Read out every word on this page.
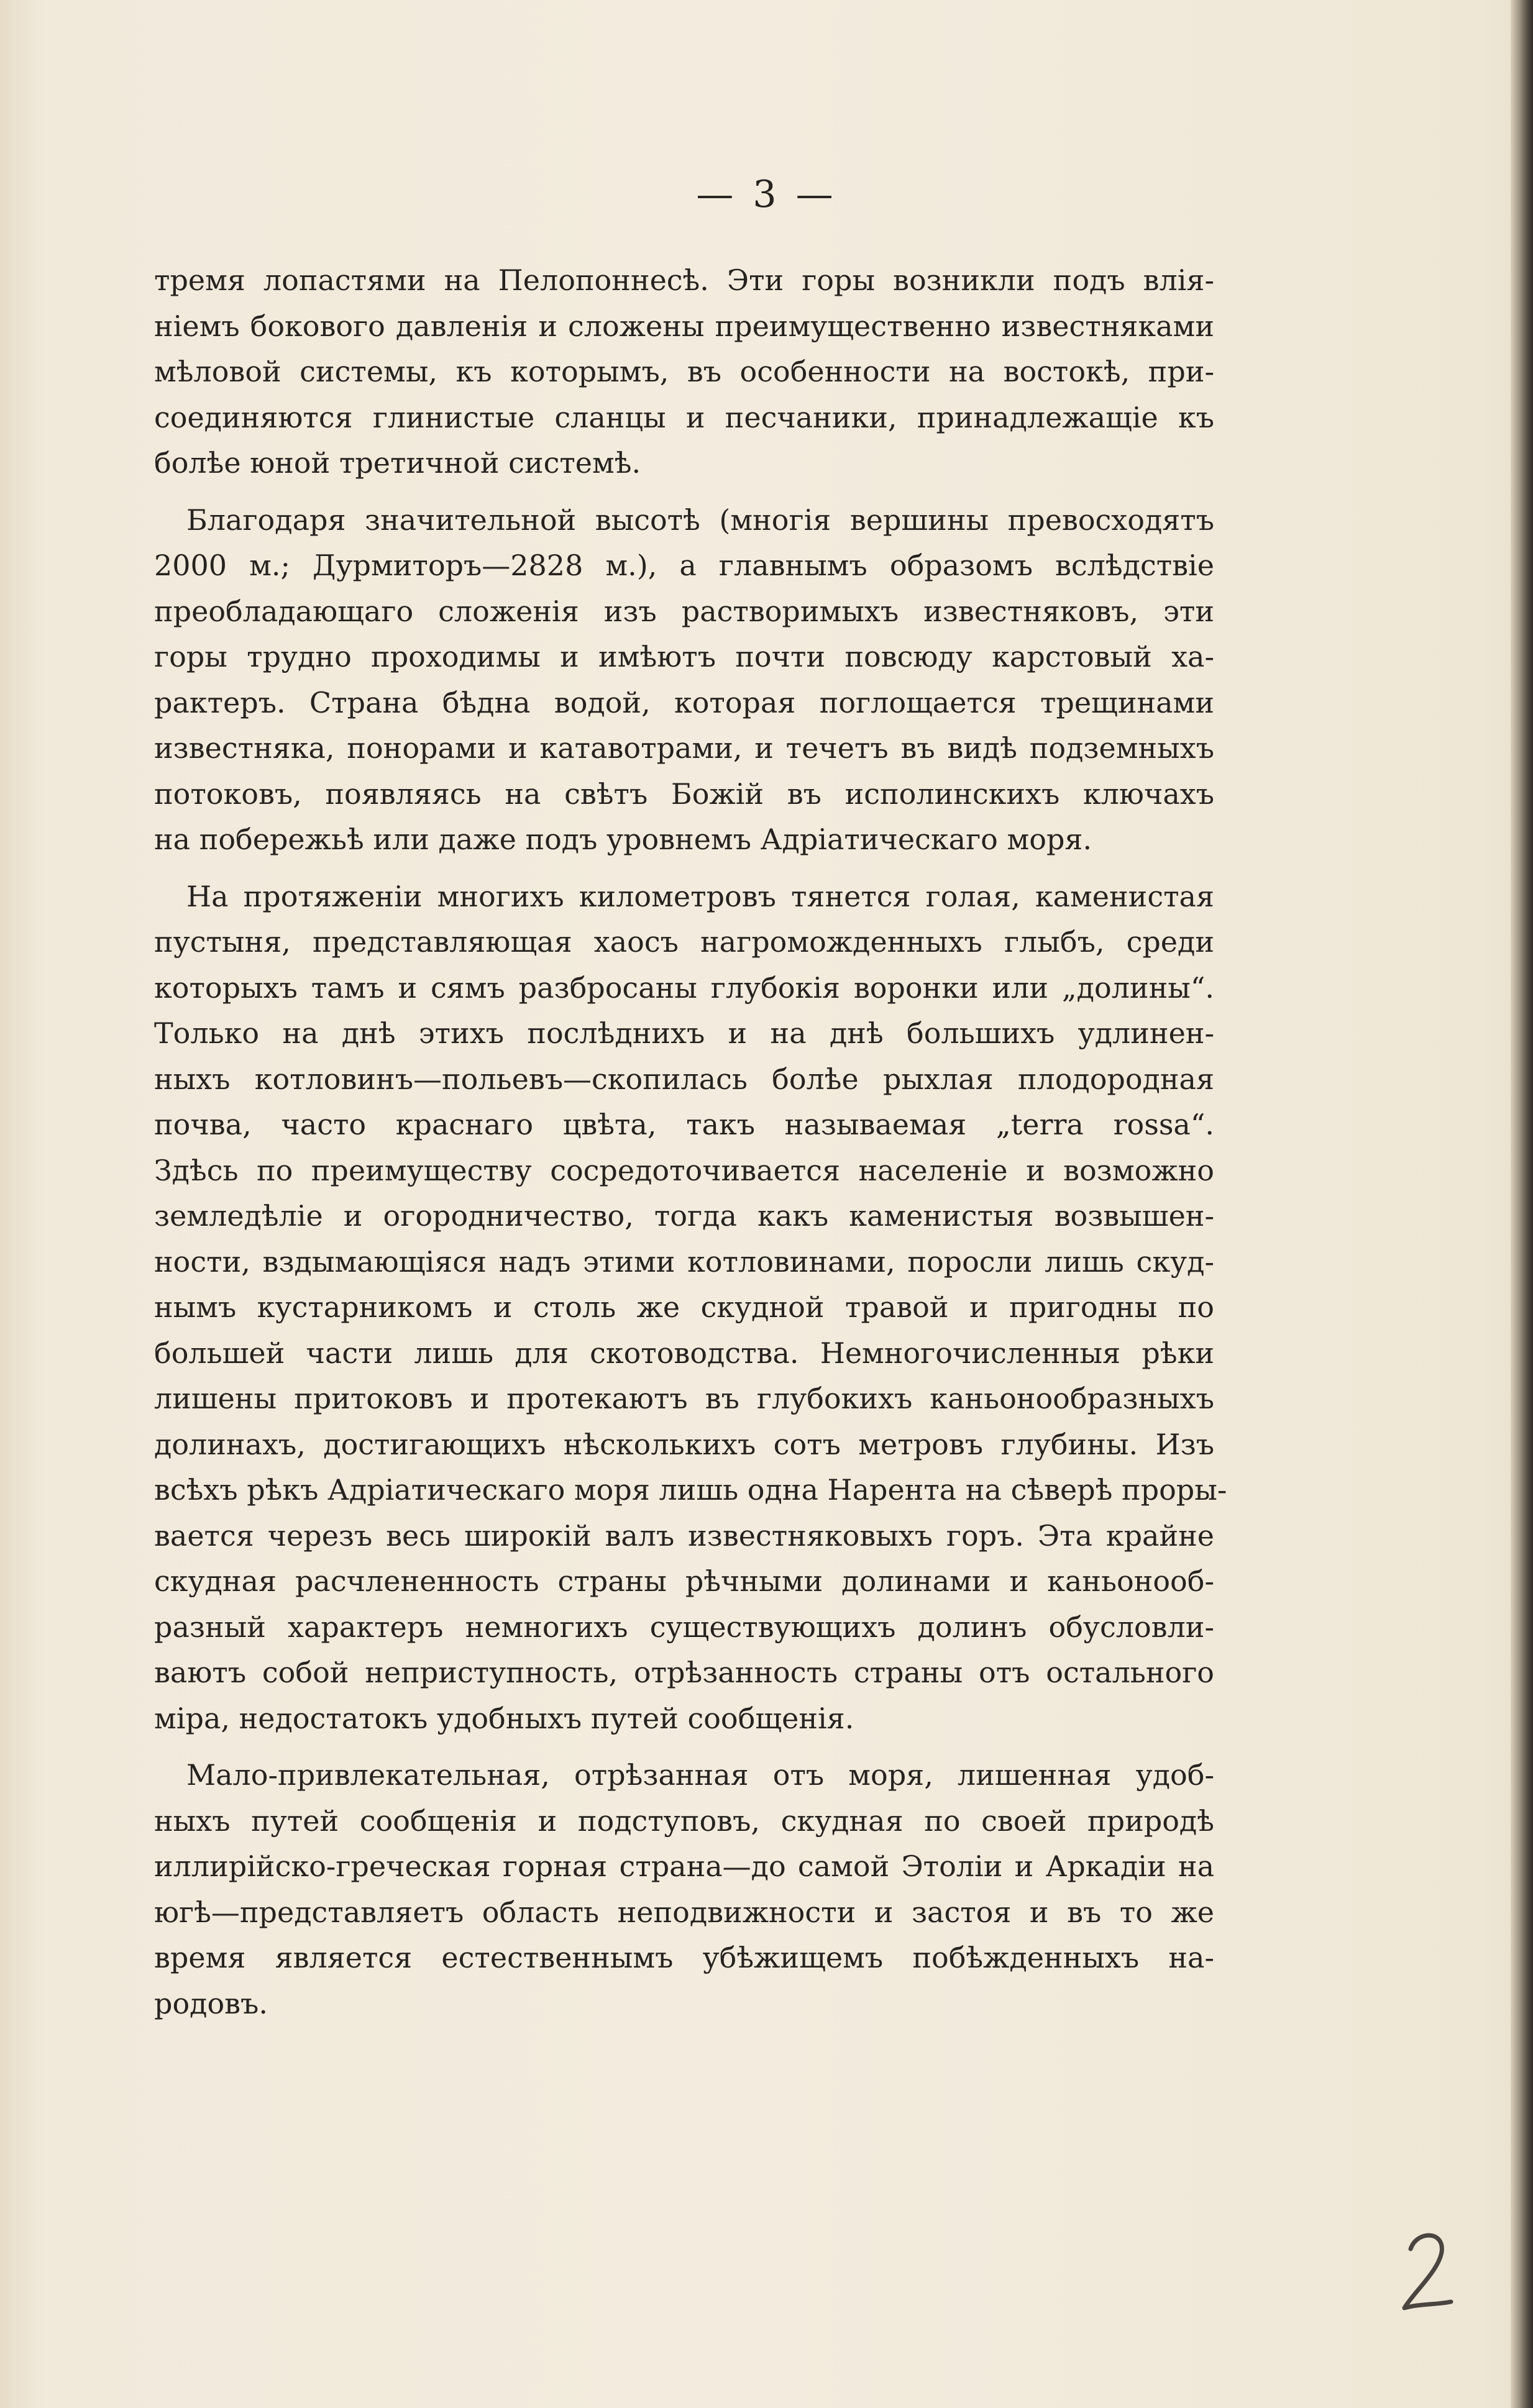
— 3 —
тремя лопастями на Пелопоннесѣ. Эти горы возникли подъ влія-
ніемъ бокового давленія и сложены преимущественно известняками
мѣловой системы, къ которымъ, въ особенности на востокѣ, при-
соединяются глинистые сланцы и песчаники, принадлежащіе къ
болѣе юной третичной системѣ.
Благодаря значительной высотѣ (многія вершины превосходятъ
2000 м.; Дурмиторъ—2828 м.), а главнымъ образомъ вслѣдствіе
преобладающаго сложенія изъ растворимыхъ известняковъ, эти
горы трудно проходимы и имѣютъ почти повсюду карстовый ха-
рактеръ. Страна бѣдна водой, которая поглощается трещинами
известняка, понорами и катавотрами, и течетъ въ видѣ подземныхъ
потоковъ, появляясь на свѣтъ Божій въ исполинскихъ ключахъ
на побережьѣ или даже подъ уровнемъ Адріатическаго моря.
На протяженіи многихъ километровъ тянется голая, каменистая
пустыня, представляющая хаосъ нагроможденныхъ глыбъ, среди
которыхъ тамъ и сямъ разбросаны глубокія воронки или „долины“.
Только на днѣ этихъ послѣднихъ и на днѣ большихъ удлинен-
ныхъ котловинъ—польевъ—скопилась болѣе рыхлая плодородная
почва, часто краснаго цвѣта, такъ называемая „terra rossa“.
Здѣсь по преимуществу сосредоточивается населеніе и возможно
земледѣліе и огородничество, тогда какъ каменистыя возвышен-
ности, вздымающіяся надъ этими котловинами, поросли лишь скуд-
нымъ кустарникомъ и столь же скудной травой и пригодны по
большей части лишь для скотоводства. Немногочисленныя рѣки
лишены притоковъ и протекаютъ въ глубокихъ каньонообразныхъ
долинахъ, достигающихъ нѣсколькихъ сотъ метровъ глубины. Изъ
всѣхъ рѣкъ Адріатическаго моря лишь одна Нарента на сѣверѣ проры-
вается черезъ весь широкій валъ известняковыхъ горъ. Эта крайне
скудная расчлененность страны рѣчными долинами и каньонооб-
разный характеръ немногихъ существующихъ долинъ обусловли-
ваютъ собой неприступность, отрѣзанность страны отъ остального
міра, недостатокъ удобныхъ путей сообщенія.
Мало-привлекательная, отрѣзанная отъ моря, лишенная удоб-
ныхъ путей сообщенія и подступовъ, скудная по своей природѣ
иллирійско-греческая горная страна—до самой Этоліи и Аркадіи на
югѣ—представляетъ область неподвижности и застоя и въ то же
время является естественнымъ убѣжищемъ побѣжденныхъ на-
родовъ.
